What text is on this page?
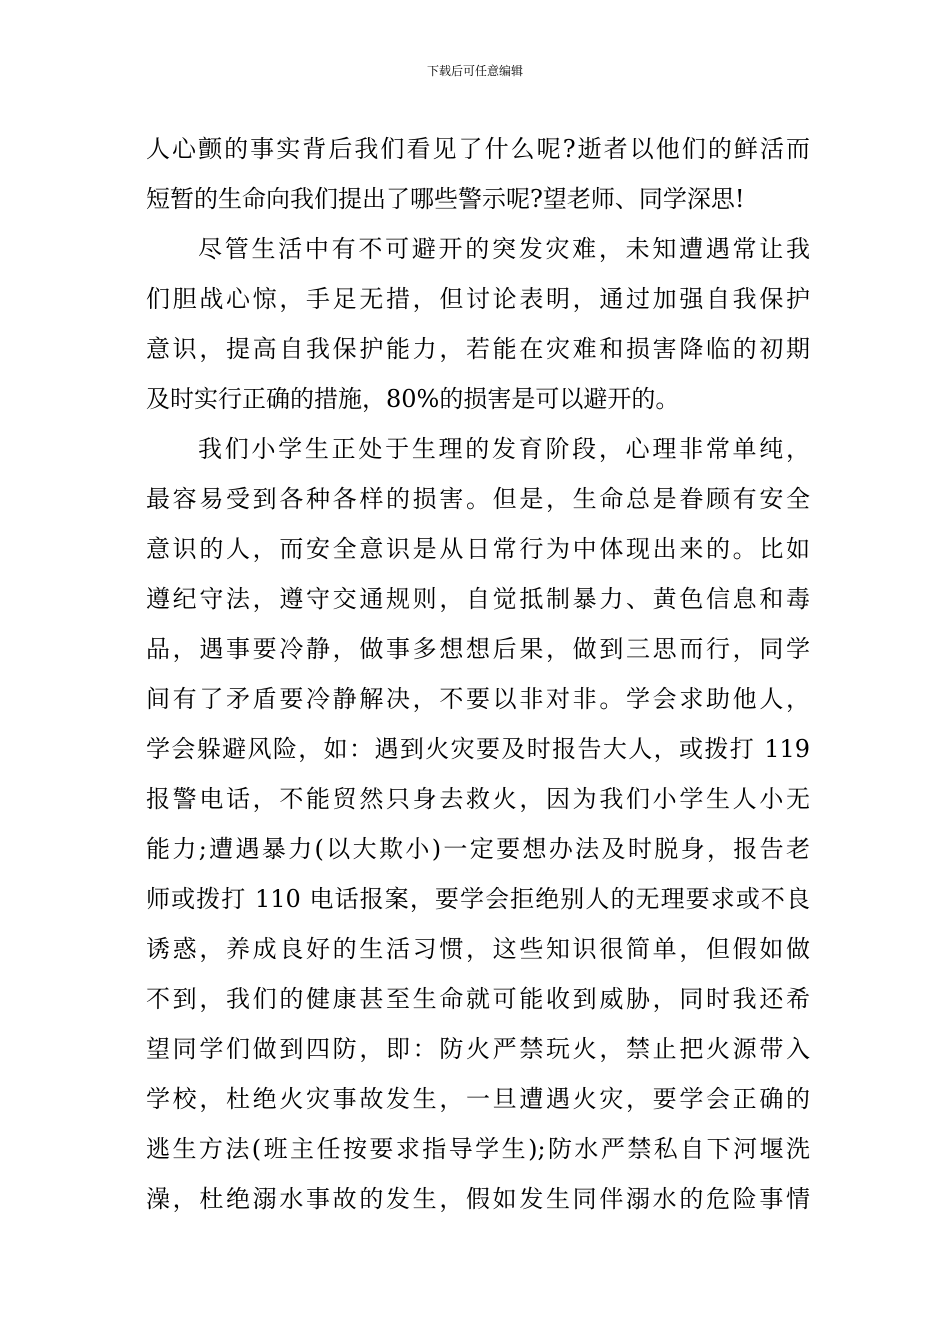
下载后可任意编辑
人心颤的事实背后我们看见了什么呢?逝者以他们的鲜活而
短暂的生命向我们提出了哪些警示呢?望老师、同学深思!
尽管生活中有不可避开的突发灾难，未知遭遇常让我
们胆战心惊，手足无措，但讨论表明，通过加强自我保护
意识，提高自我保护能力，若能在灾难和损害降临的初期
及时实行正确的措施，80%的损害是可以避开的。
我们小学生正处于生理的发育阶段，心理非常单纯，
最容易受到各种各样的损害。但是，生命总是眷顾有安全
意识的人，而安全意识是从日常行为中体现出来的。比如
遵纪守法，遵守交通规则，自觉抵制暴力、黄色信息和毒
品，遇事要冷静，做事多想想后果，做到三思而行，同学
间有了矛盾要冷静解决，不要以非对非。学会求助他人，
学会躲避风险，如：遇到火灾要及时报告大人，或拨打 119
报警电话，不能贸然只身去救火，因为我们小学生人小无
能力;遭遇暴力(以大欺小)一定要想办法及时脱身，报告老
师或拨打 110 电话报案，要学会拒绝别人的无理要求或不良
诱惑，养成良好的生活习惯，这些知识很简单，但假如做
不到，我们的健康甚至生命就可能收到威胁，同时我还希
望同学们做到四防，即：防火严禁玩火，禁止把火源带入
学校，杜绝火灾事故发生，一旦遭遇火灾，要学会正确的
逃生方法(班主任按要求指导学生);防水严禁私自下河堰洗
澡，杜绝溺水事故的发生，假如发生同伴溺水的危险事情
